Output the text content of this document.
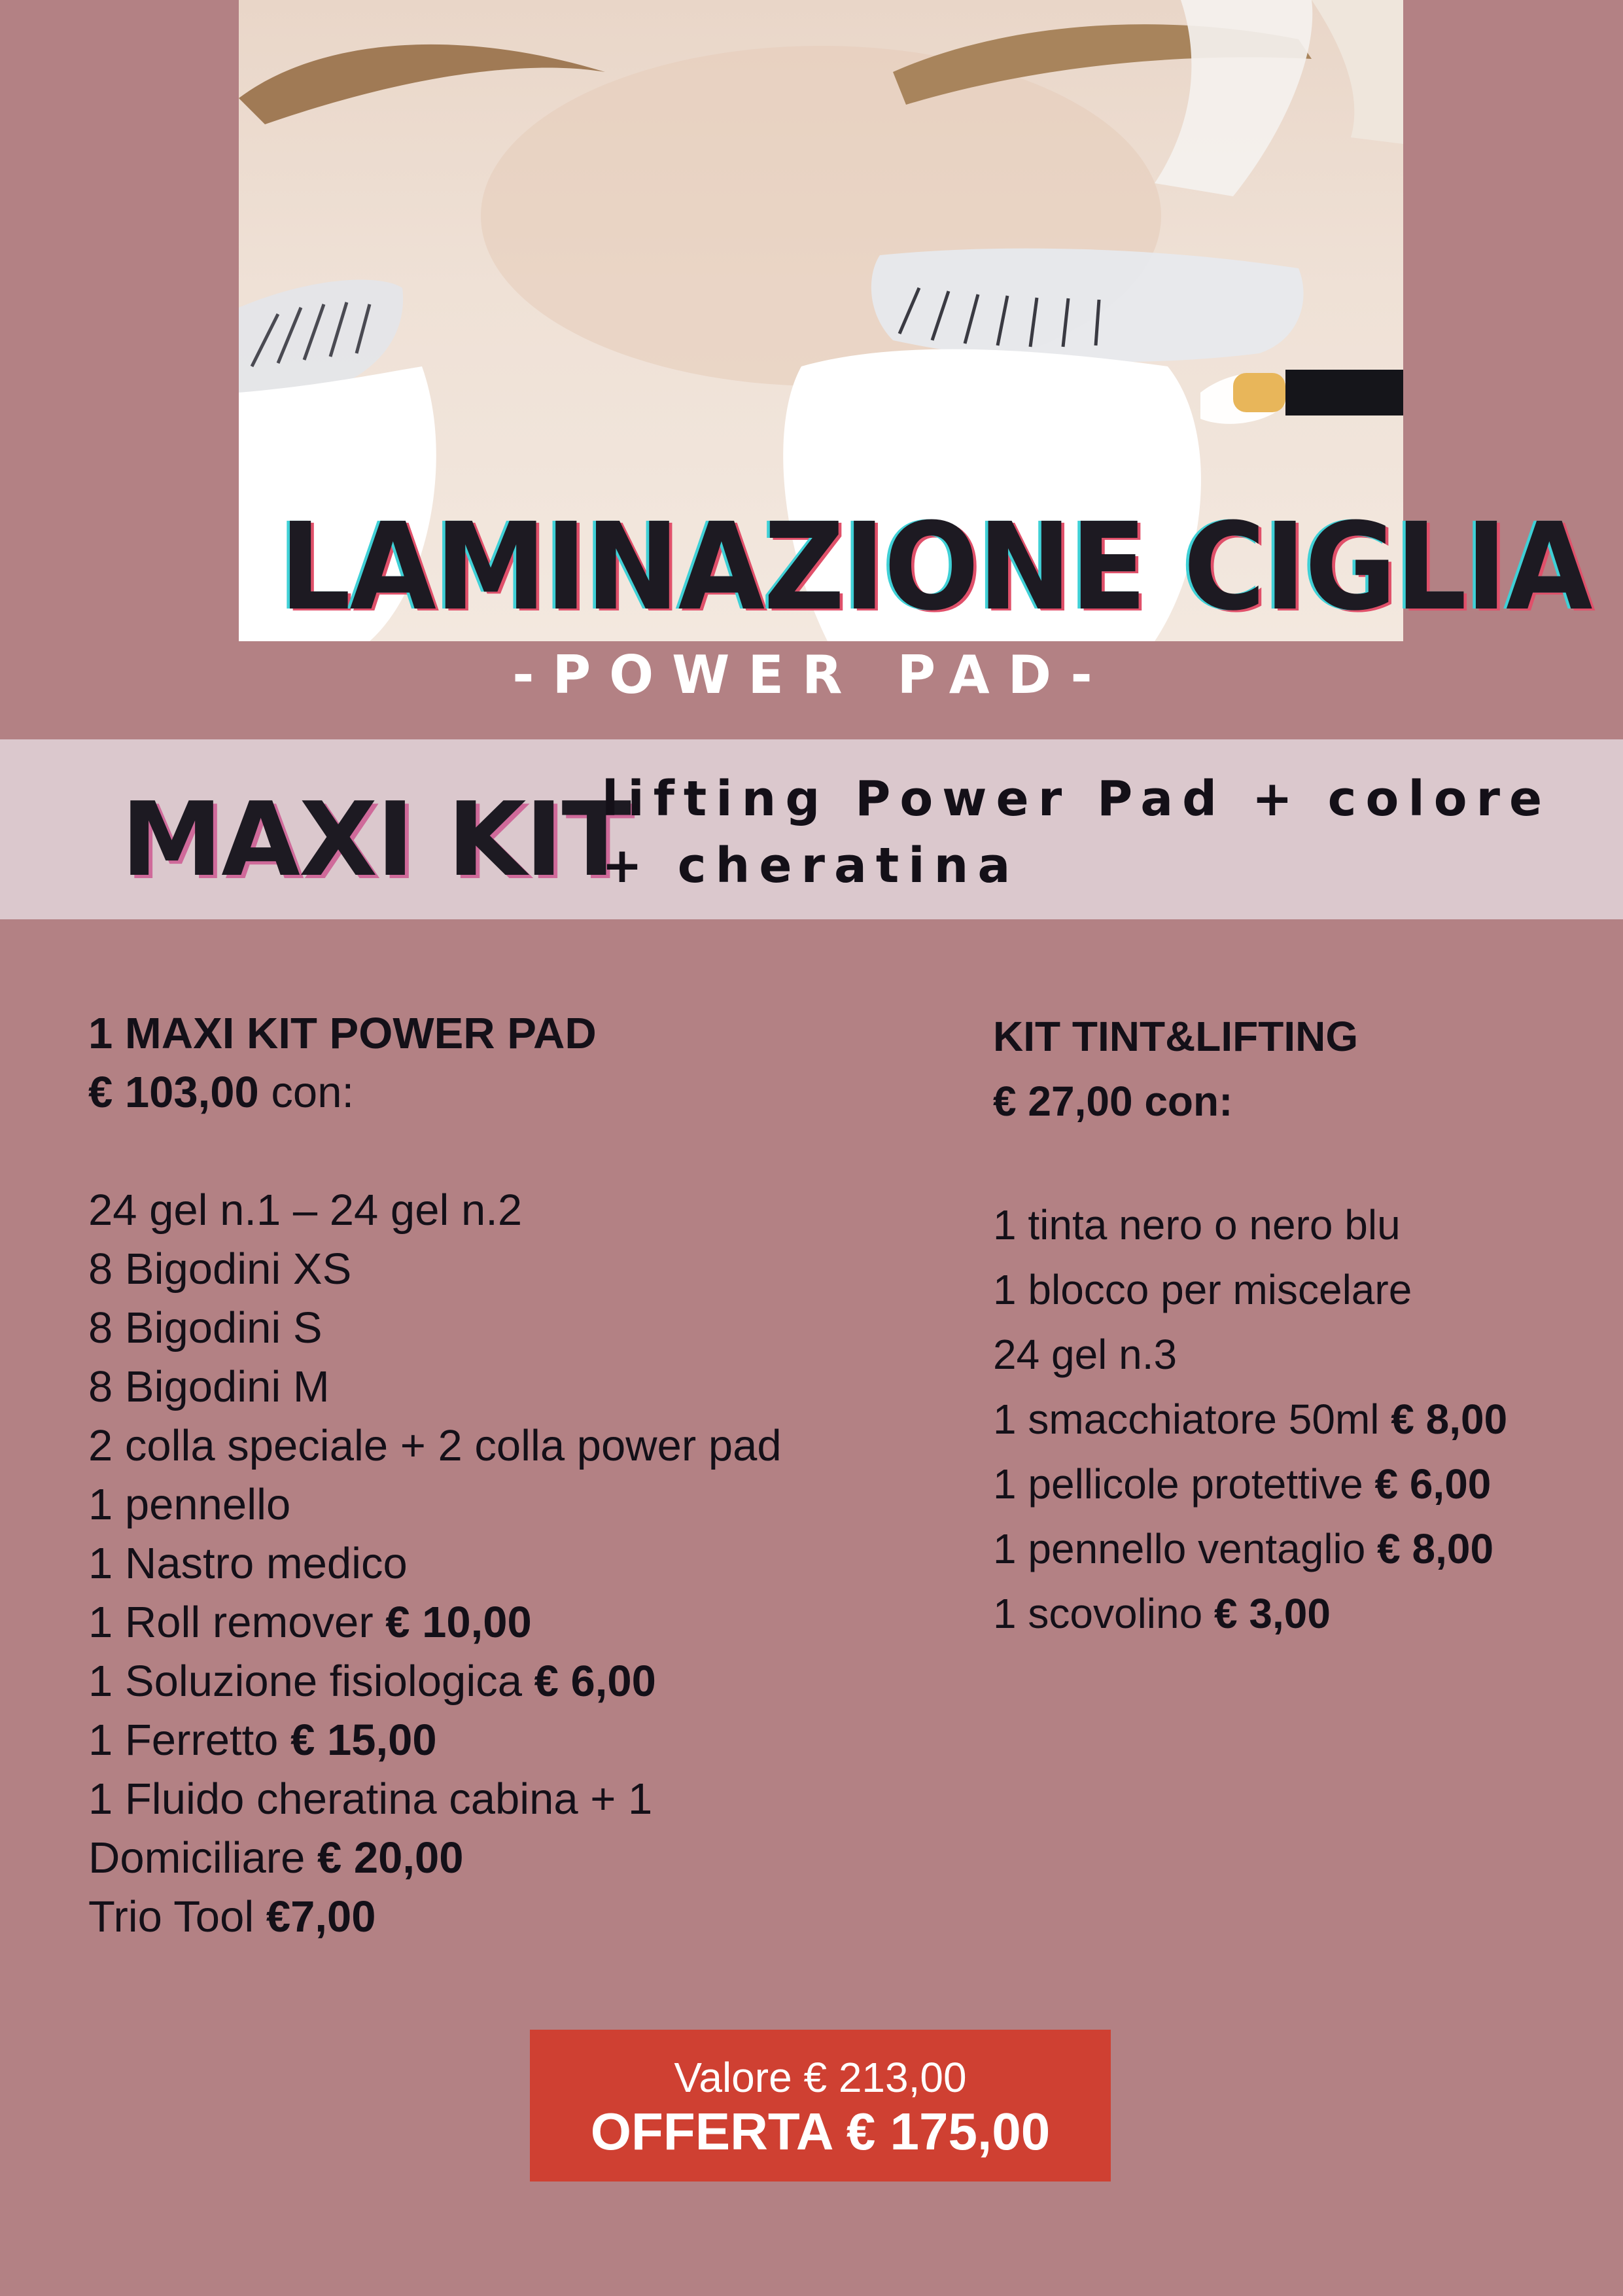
LAMINAZIONE CIGLIA
-POWER PAD-
MAXI KIT
lifting Power Pad + colore + cheratina
1 MAXI KIT POWER PAD
€ 103,00 con:
24 gel n.1 – 24 gel n.2
8 Bigodini XS
8 Bigodini S
8 Bigodini M
2 colla speciale + 2 colla power pad
1 pennello
1 Nastro medico
1 Roll remover € 10,00
1 Soluzione fisiologica € 6,00
1 Ferretto € 15,00
1 Fluido cheratina cabina + 1
Domiciliare € 20,00
Trio Tool €7,00
KIT TINT&LIFTING
€ 27,00 con:
1 tinta nero o nero blu
1 blocco per miscelare
24 gel n.3
1 smacchiatore 50ml € 8,00
1 pellicole protettive € 6,00
1 pennello ventaglio € 8,00
1 scovolino € 3,00
Valore € 213,00
OFFERTA € 175,00
